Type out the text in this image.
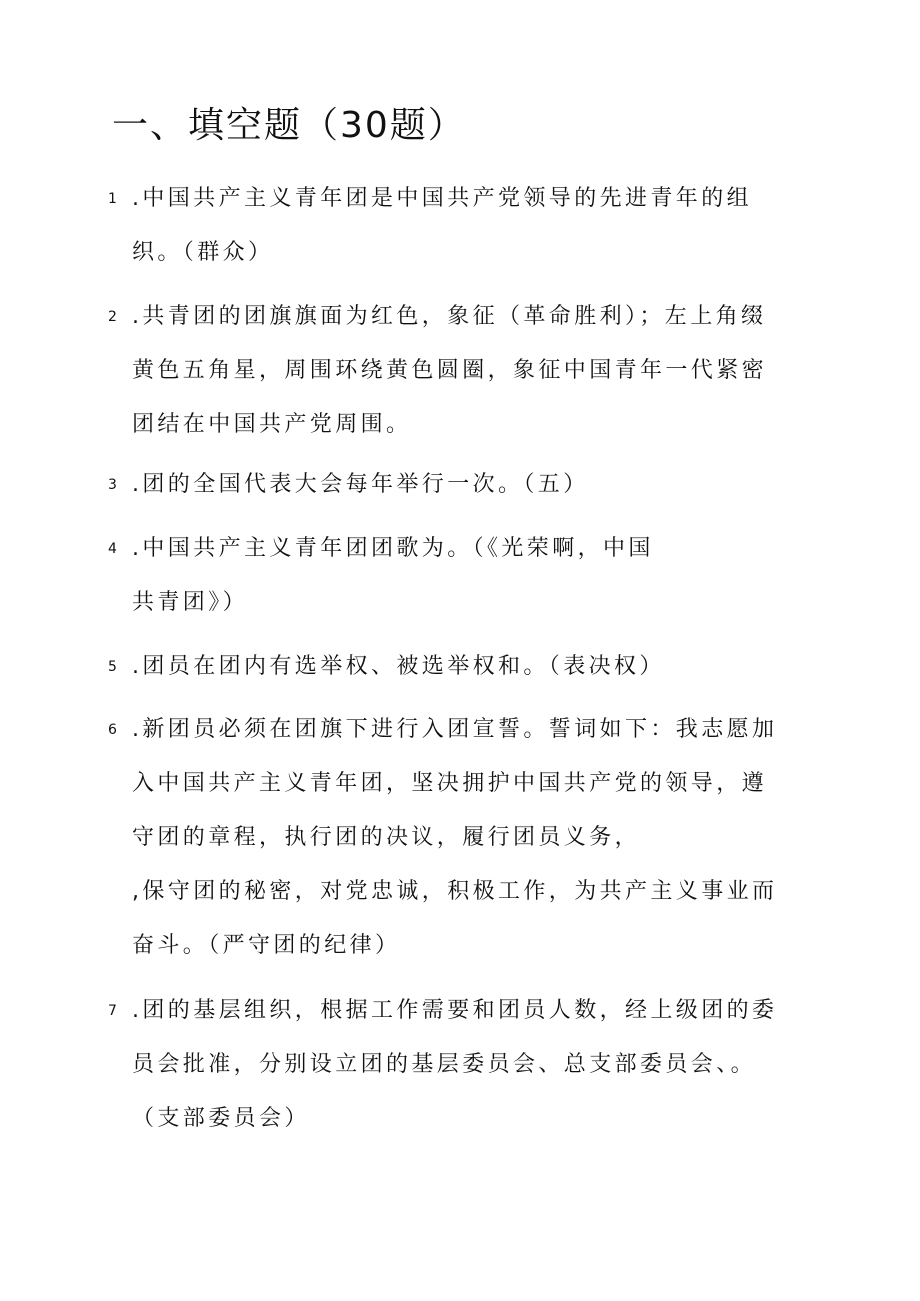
一、填空题（30题）
1 .中国共产主义青年团是中国共产党领导的先进青年的组
织。（群众）
2 .共青团的团旗旗面为红色，象征（革命胜利）；左上角缀
黄色五角星，周围环绕黄色圆圈，象征中国青年一代紧密
团结在中国共产党周围。
3 .团的全国代表大会每年举行一次。（五）
4 .中国共产主义青年团团歌为。（《光荣啊，中国
共青团》）
5 .团员在团内有选举权、被选举权和。（表决权）
6 .新团员必须在团旗下进行入团宣誓。誓词如下：我志愿加
入中国共产主义青年团，坚决拥护中国共产党的领导，遵
守团的章程，执行团的决议，履行团员义务，
,保守团的秘密，对党忠诚，积极工作，为共产主义事业而
奋斗。（严守团的纪律）
7 .团的基层组织，根据工作需要和团员人数，经上级团的委
员会批准，分别设立团的基层委员会、总支部委员会、。
（支部委员会）
